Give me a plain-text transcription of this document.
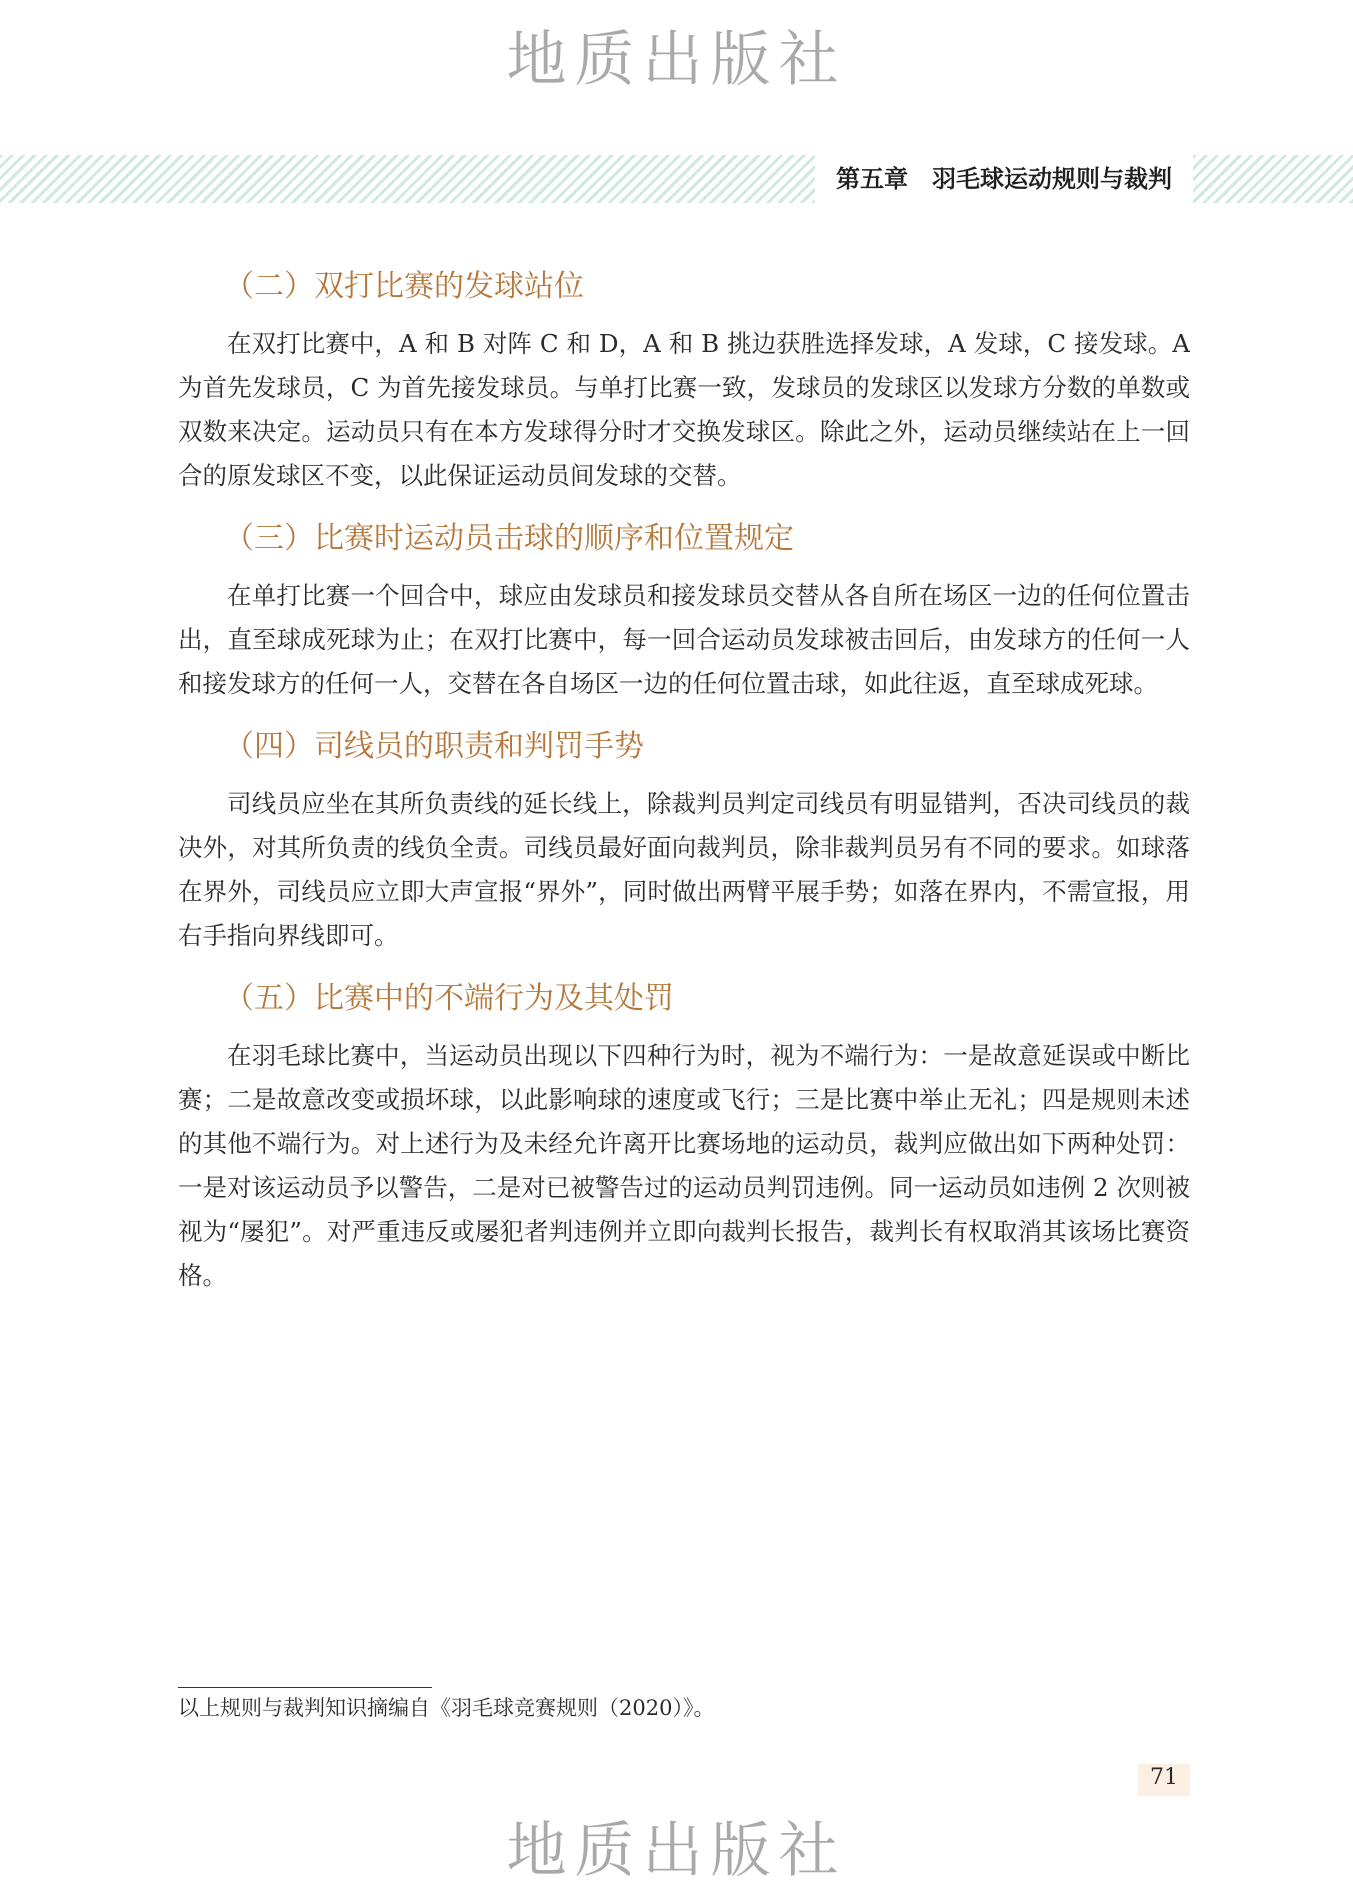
地质出版社
第五章　羽毛球运动规则与裁判
（二）双打比赛的发球站位

在双打比赛中，A 和 B 对阵 C 和 D，A 和 B 挑边获胜选择发球，A 发球，C 接发球。A 为首先发球员，C 为首先接发球员。与单打比赛一致，发球员的发球区以发球方分数的单数或双数来决定。运动员只有在本方发球得分时才交换发球区。除此之外，运动员继续站在上一回合的原发球区不变，以此保证运动员间发球的交替。

（三）比赛时运动员击球的顺序和位置规定

在单打比赛一个回合中，球应由发球员和接发球员交替从各自所在场区一边的任何位置击出，直至球成死球为止；在双打比赛中，每一回合运动员发球被击回后，由发球方的任何一人和接发球方的任何一人，交替在各自场区一边的任何位置击球，如此往返，直至球成死球。

（四）司线员的职责和判罚手势

司线员应坐在其所负责线的延长线上，除裁判员判定司线员有明显错判，否决司线员的裁决外，对其所负责的线负全责。司线员最好面向裁判员，除非裁判员另有不同的要求。如球落在界外，司线员应立即大声宣报“界外”，同时做出两臂平展手势；如落在界内，不需宣报，用右手指向界线即可。

（五）比赛中的不端行为及其处罚

在羽毛球比赛中，当运动员出现以下四种行为时，视为不端行为：一是故意延误或中断比赛；二是故意改变或损坏球，以此影响球的速度或飞行；三是比赛中举止无礼；四是规则未述的其他不端行为。对上述行为及未经允许离开比赛场地的运动员，裁判应做出如下两种处罚：一是对该运动员予以警告，二是对已被警告过的运动员判罚违例。同一运动员如违例 2 次则被视为“屡犯”。对严重违反或屡犯者判违例并立即向裁判长报告，裁判长有权取消其该场比赛资格。

以上规则与裁判知识摘编自《羽毛球竞赛规则（2020）》。
71
地质出版社
